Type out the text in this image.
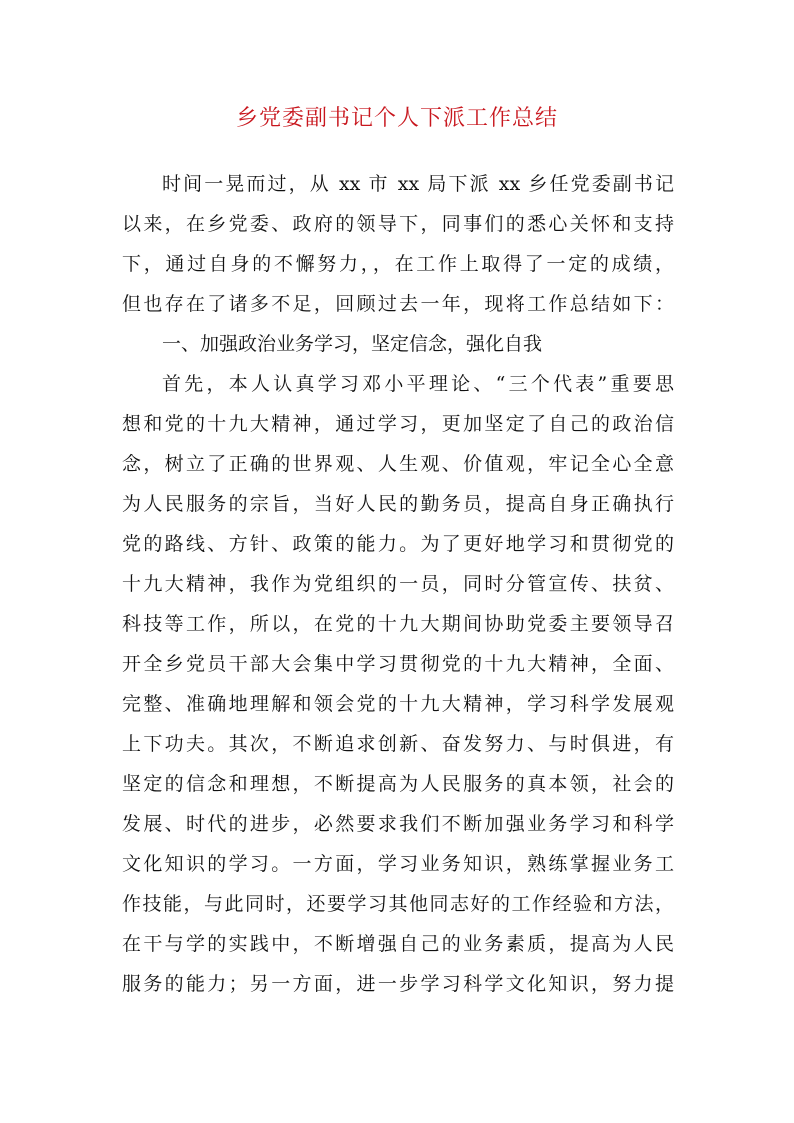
乡党委副书记个人下派工作总结
时间一晃而过，从 xx 市 xx 局下派 xx 乡任党委副书记
以来，在乡党委、政府的领导下，同事们的悉心关怀和支持
下，通过自身的不懈努力，，在工作上取得了一定的成绩，
但也存在了诸多不足，回顾过去一年，现将工作总结如下：
一、加强政治业务学习，坚定信念，强化自我
首先，本人认真学习邓小平理论、“三个代表”重要思
想和党的十九大精神，通过学习，更加坚定了自己的政治信
念，树立了正确的世界观、人生观、价值观，牢记全心全意
为人民服务的宗旨，当好人民的勤务员，提高自身正确执行
党的路线、方针、政策的能力。为了更好地学习和贯彻党的
十九大精神，我作为党组织的一员，同时分管宣传、扶贫、
科技等工作，所以，在党的十九大期间协助党委主要领导召
开全乡党员干部大会集中学习贯彻党的十九大精神，全面、
完整、准确地理解和领会党的十九大精神，学习科学发展观
上下功夫。其次，不断追求创新、奋发努力、与时俱进，有
坚定的信念和理想，不断提高为人民服务的真本领，社会的
发展、时代的进步，必然要求我们不断加强业务学习和科学
文化知识的学习。一方面，学习业务知识，熟练掌握业务工
作技能，与此同时，还要学习其他同志好的工作经验和方法，
在干与学的实践中，不断增强自己的业务素质，提高为人民
服务的能力；另一方面，进一步学习科学文化知识，努力提
